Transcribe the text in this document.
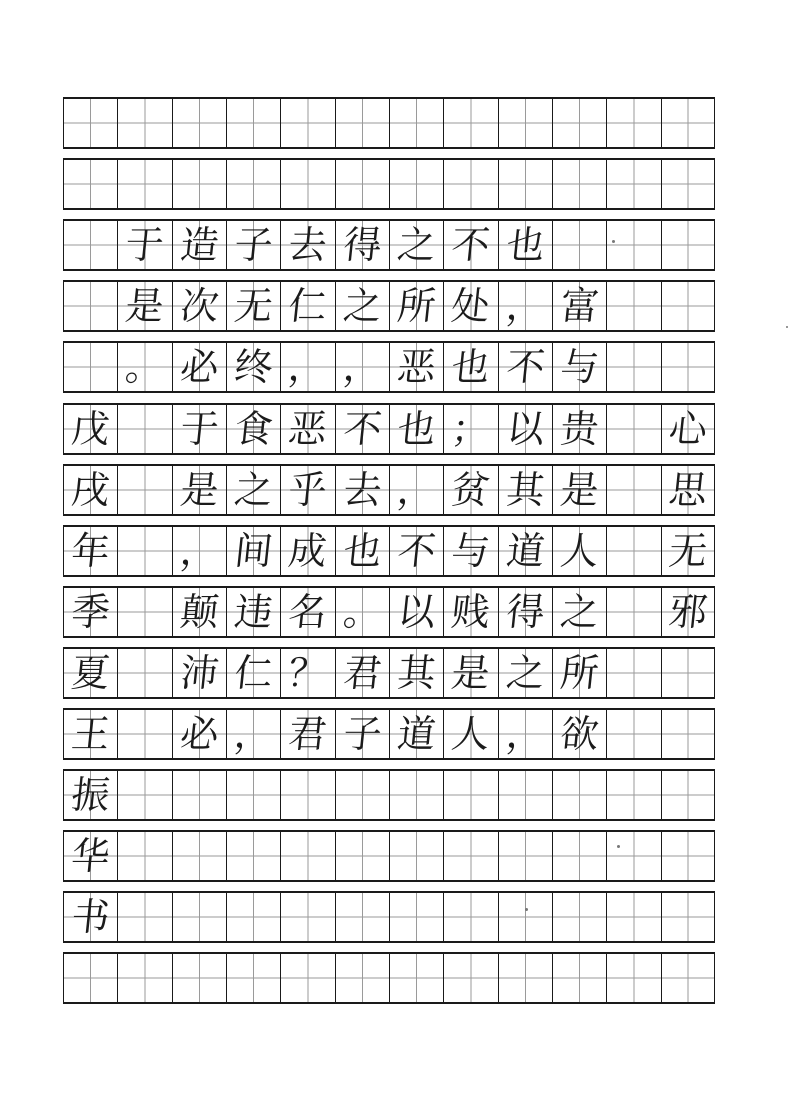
于 造 子 去 得 之 不 也
是 次 无 仁 之 所 处 ， 富
。 必 终 ， ， 恶 也 不 与
戊 于 食 恶 不 也 ； 以 贵 心
戌 是 之 乎 去 ， 贫 其 是 思
年 ， 间 成 也 不 与 道 人 无
季 颠 违 名 。 以 贱 得 之 邪
夏 沛 仁 ？ 君 其 是 之 所
王 必 ， 君 子 道 人 ， 欲
振
华
书
